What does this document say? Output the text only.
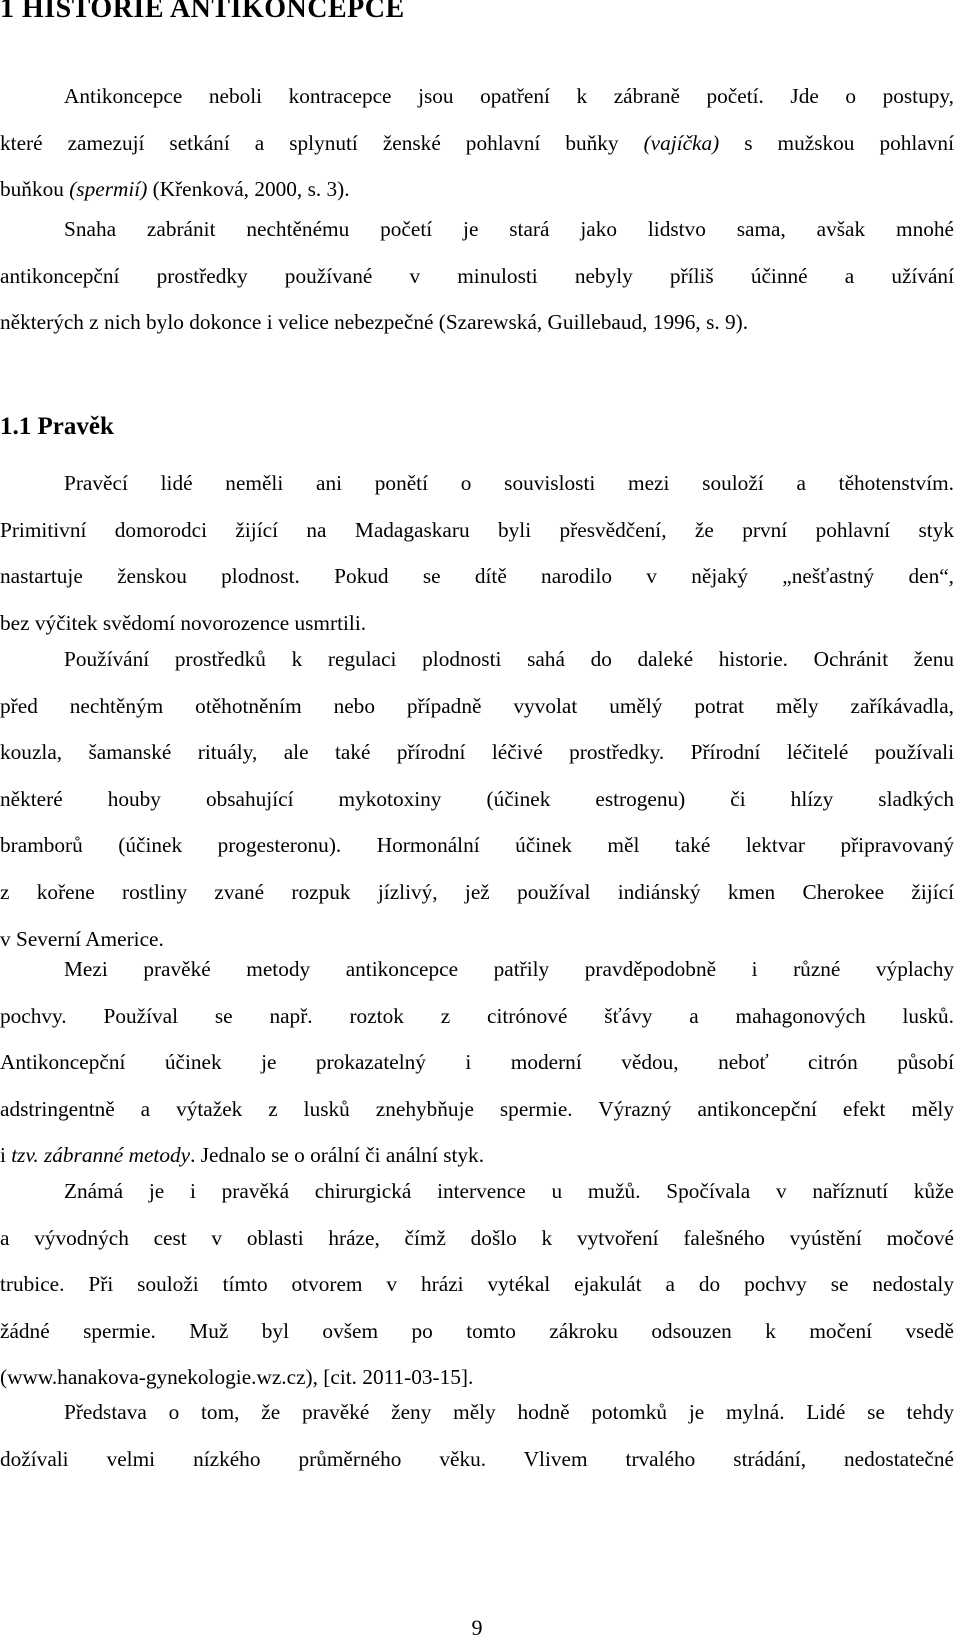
1 HISTORIE ANTIKONCEPCE
Antikoncepce neboli kontracepce jsou opatření k zábraně početí. Jde o postupy,
které zamezují setkání a splynutí ženské pohlavní buňky (vajíčka) s mužskou pohlavní
buňkou (spermií) (Křenková, 2000, s. 3).
Snaha zabránit nechtěnému početí je stará jako lidstvo sama, avšak mnohé
antikoncepční prostředky používané v minulosti nebyly příliš účinné a užívání
některých z nich bylo dokonce i velice nebezpečné (Szarewská, Guillebaud, 1996, s. 9).
1.1 Pravěk
Pravěcí lidé neměli ani ponětí o souvislosti mezi souloží a těhotenstvím.
Primitivní domorodci žijící na Madagaskaru byli přesvědčení, že první pohlavní styk
nastartuje ženskou plodnost. Pokud se dítě narodilo v nějaký „nešťastný den“,
bez výčitek svědomí novorozence usmrtili.
Používání prostředků k regulaci plodnosti sahá do daleké historie. Ochránit ženu
před nechtěným otěhotněním nebo případně vyvolat umělý potrat měly zaříkávadla,
kouzla, šamanské rituály, ale také přírodní léčivé prostředky. Přírodní léčitelé používali
některé houby obsahující mykotoxiny (účinek estrogenu) či hlízy sladkých
bramborů (účinek progesteronu). Hormonální účinek měl také lektvar připravovaný
z kořene rostliny zvané rozpuk jízlivý, jež používal indiánský kmen Cherokee žijící
v Severní Americe.
Mezi pravěké metody antikoncepce patřily pravděpodobně i různé výplachy
pochvy. Používal se např. roztok z citrónové šťávy a mahagonových lusků.
Antikoncepční účinek je prokazatelný i moderní vědou, neboť citrón působí
adstringentně a výtažek z lusků znehybňuje spermie. Výrazný antikoncepční efekt měly
i tzv. zábranné metody. Jednalo se o orální či anální styk.
Známá je i pravěká chirurgická intervence u mužů. Spočívala v naříznutí kůže
a vývodných cest v oblasti hráze, čímž došlo k vytvoření falešného vyústění močové
trubice. Při souloži tímto otvorem v hrázi vytékal ejakulát a do pochvy se nedostaly
žádné spermie. Muž byl ovšem po tomto zákroku odsouzen k močení vsedě
(www.hanakova-gynekologie.wz.cz), [cit. 2011-03-15].
Představa o tom, že pravěké ženy měly hodně potomků je mylná. Lidé se tehdy
dožívali velmi nízkého průměrného věku. Vlivem trvalého strádání, nedostatečné
9
